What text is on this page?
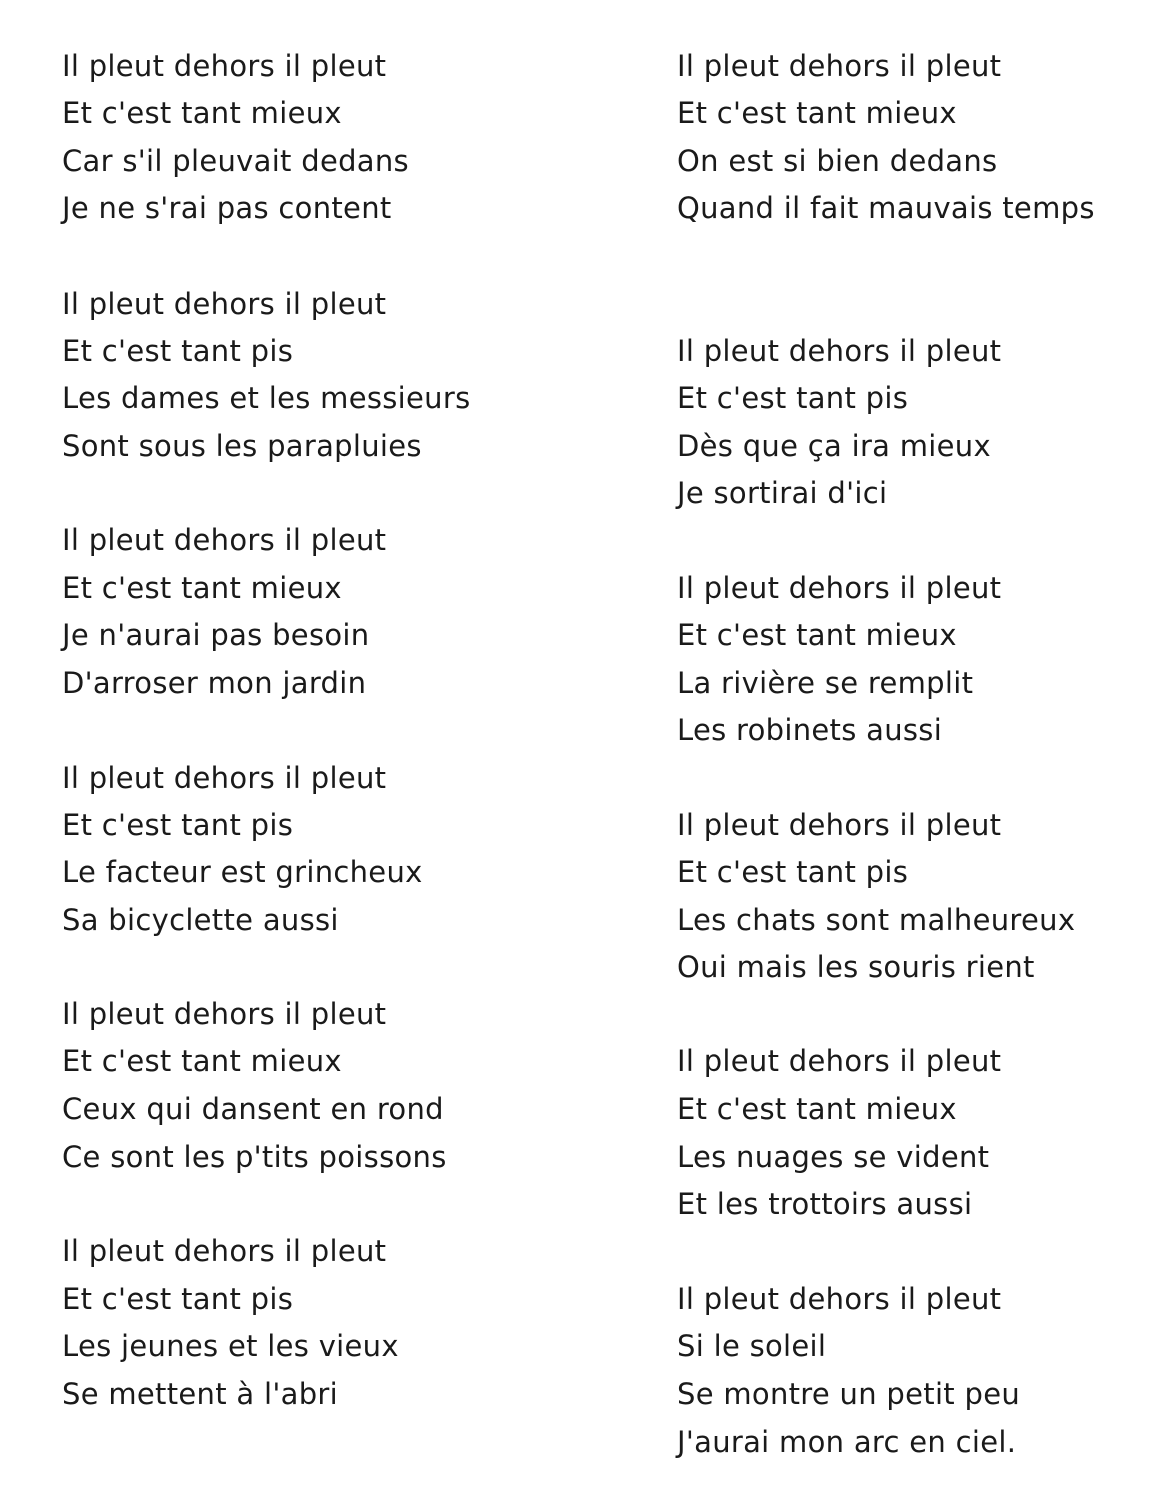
Il pleut dehors il pleut
Et c'est tant mieux
Car s'il pleuvait dedans
Je ne s'rai pas content
Il pleut dehors il pleut
Et c'est tant pis
Les dames et les messieurs
Sont sous les parapluies
Il pleut dehors il pleut
Et c'est tant mieux
Je n'aurai pas besoin
D'arroser mon jardin
Il pleut dehors il pleut
Et c'est tant pis
Le facteur est grincheux
Sa bicyclette aussi
Il pleut dehors il pleut
Et c'est tant mieux
Ceux qui dansent en rond
Ce sont les p'tits poissons
Il pleut dehors il pleut
Et c'est tant pis
Les jeunes et les vieux
Se mettent à l'abri
Il pleut dehors il pleut
Et c'est tant mieux
On est si bien dedans
Quand il fait mauvais temps
Il pleut dehors il pleut
Et c'est tant pis
Dès que ça ira mieux
Je sortirai d'ici
Il pleut dehors il pleut
Et c'est tant mieux
La rivière se remplit
Les robinets aussi
Il pleut dehors il pleut
Et c'est tant pis
Les chats sont malheureux
Oui mais les souris rient
Il pleut dehors il pleut
Et c'est tant mieux
Les nuages se vident
Et les trottoirs aussi
Il pleut dehors il pleut
Si le soleil
Se montre un petit peu
J'aurai mon arc en ciel.
